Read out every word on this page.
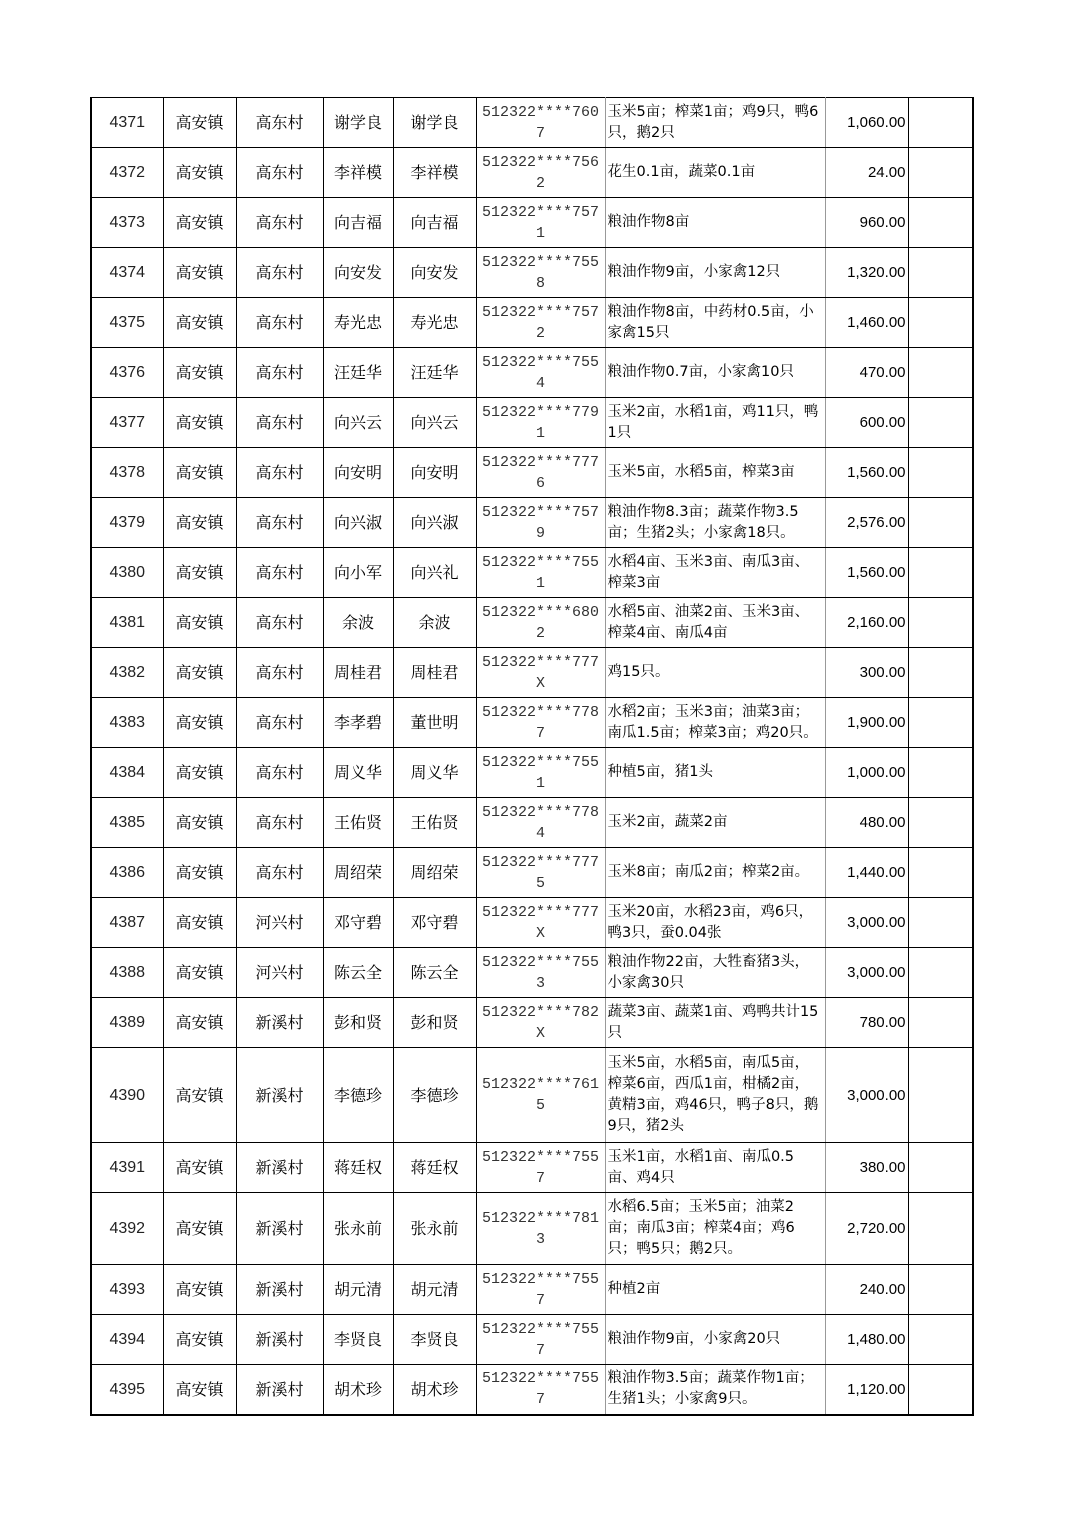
4371	高安镇	高东村	谢学良	谢学良	512322****7607	玉米5亩；榨菜1亩；鸡9只，鸭6只，鹅2只	1,060.00	
4372	高安镇	高东村	李祥模	李祥模	512322****7562	花生0.1亩，蔬菜0.1亩	24.00	
4373	高安镇	高东村	向吉福	向吉福	512322****7571	粮油作物8亩	960.00	
4374	高安镇	高东村	向安发	向安发	512322****7558	粮油作物9亩，小家禽12只	1,320.00	
4375	高安镇	高东村	寿光忠	寿光忠	512322****7572	粮油作物8亩，中药材0.5亩，小家禽15只	1,460.00	
4376	高安镇	高东村	汪廷华	汪廷华	512322****7554	粮油作物0.7亩，小家禽10只	470.00	
4377	高安镇	高东村	向兴云	向兴云	512322****7791	玉米2亩，水稻1亩，鸡11只，鸭1只	600.00	
4378	高安镇	高东村	向安明	向安明	512322****7776	玉米5亩，水稻5亩，榨菜3亩	1,560.00	
4379	高安镇	高东村	向兴淑	向兴淑	512322****7579	粮油作物8.3亩；蔬菜作物3.5亩；生猪2头；小家禽18只。	2,576.00	
4380	高安镇	高东村	向小军	向兴礼	512322****7551	水稻4亩、玉米3亩、南瓜3亩、榨菜3亩	1,560.00	
4381	高安镇	高东村	余波	余波	512322****6802	水稻5亩、油菜2亩、玉米3亩、榨菜4亩、南瓜4亩	2,160.00	
4382	高安镇	高东村	周桂君	周桂君	512322****777X	鸡15只。	300.00	
4383	高安镇	高东村	李孝碧	董世明	512322****7787	水稻2亩；玉米3亩；油菜3亩；南瓜1.5亩；榨菜3亩；鸡20只。	1,900.00	
4384	高安镇	高东村	周义华	周义华	512322****7551	种植5亩，猪1头	1,000.00	
4385	高安镇	高东村	王佑贤	王佑贤	512322****7784	玉米2亩，蔬菜2亩	480.00	
4386	高安镇	高东村	周绍荣	周绍荣	512322****7775	玉米8亩；南瓜2亩；榨菜2亩。	1,440.00	
4387	高安镇	河兴村	邓守碧	邓守碧	512322****777X	玉米20亩，水稻23亩，鸡6只，鸭3只，蚕0.04张	3,000.00	
4388	高安镇	河兴村	陈云全	陈云全	512322****7553	粮油作物22亩，大牲畜猪3头，小家禽30只	3,000.00	
4389	高安镇	新溪村	彭和贤	彭和贤	512322****782X	蔬菜3亩、蔬菜1亩、鸡鸭共计15只	780.00	
4390	高安镇	新溪村	李德珍	李德珍	512322****7615	玉米5亩，水稻5亩，南瓜5亩，榨菜6亩，西瓜1亩，柑橘2亩，黄精3亩，鸡46只，鸭子8只，鹅9只，猪2头	3,000.00	
4391	高安镇	新溪村	蒋廷权	蒋廷权	512322****7557	玉米1亩，水稻1亩、南瓜0.5亩、鸡4只	380.00	
4392	高安镇	新溪村	张永前	张永前	512322****7813	水稻6.5亩；玉米5亩；油菜2亩；南瓜3亩；榨菜4亩；鸡6只；鸭5只；鹅2只。	2,720.00	
4393	高安镇	新溪村	胡元清	胡元清	512322****7557	种植2亩	240.00	
4394	高安镇	新溪村	李贤良	李贤良	512322****7557	粮油作物9亩，小家禽20只	1,480.00	
4395	高安镇	新溪村	胡术珍	胡术珍	512322****7557	粮油作物3.5亩；蔬菜作物1亩；生猪1头；小家禽9只。	1,120.00	
